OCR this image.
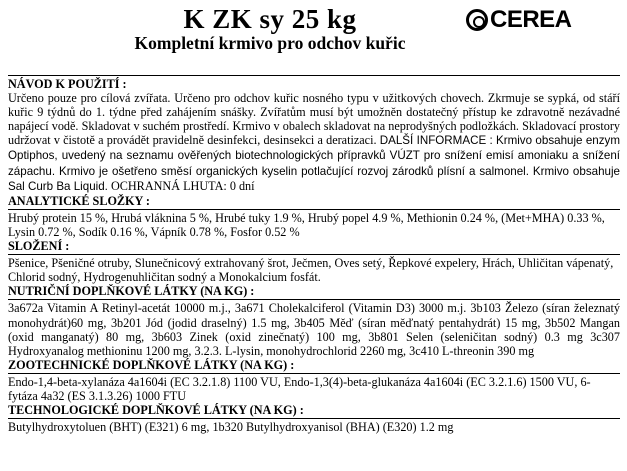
K ZK sy 25 kg
Kompletní krmivo pro odchov kuřic
CEREA

NÁVOD K POUŽITÍ :

Určeno pouze pro cílová zvířata. Určeno pro odchov kuřic nosného typu v užitkových chovech. Zkrmuje se sypká, od stáří kuřic 9 týdnů do 1. týdne před zahájením snášky. Zvířatům musí být umožněn dostatečný přístup ke zdravotně nezávadné napájecí vodě. Skladovat v suchém prostředí. Krmivo v obalech skladovat na neprodyšných podložkách. Skladovací prostory udržovat v čistotě a provádět pravidelně desinfekci, desinsekci a deratizaci. DALŠÍ INFORMACE : Krmivo obsahuje enzym Optiphos, uvedený na seznamu ověřených biotechnologických přípravků VÚZT pro snížení emisí amoniaku a snížení zápachu. Krmivo je ošetřeno směsí organických kyselin potlačující rozvoj zárodků plísní a salmonel. Krmivo obsahuje Sal Curb Ba Liquid. OCHRANNÁ LHUTA: 0 dní

ANALYTICKÉ SLOŽKY :

Hrubý protein 15 %, Hrubá vláknina 5 %, Hrubé tuky 1.9 %, Hrubý popel 4.9 %, Methionin 0.24 %, (Met+MHA) 0.33 %, Lysin 0.72 %, Sodík 0.16 %, Vápník 0.78 %, Fosfor 0.52 %

SLOŽENÍ :

Pšenice, Pšeničné otruby, Slunečnicový extrahovaný šrot, Ječmen, Oves setý, Řepkové expelery, Hrách, Uhličitan vápenatý, Chlorid sodný, Hydrogenuhličitan sodný a Monokalcium fosfát.

NUTRIČNÍ DOPLŇKOVÉ LÁTKY (NA KG) :

3a672a Vitamin A Retinyl-acetát 10000 m.j., 3a671 Cholekalciferol (Vitamin D3) 3000 m.j. 3b103 Železo (síran železnatý monohydrát)60 mg, 3b201 Jód (jodid draselný) 1.5 mg, 3b405 Měď (síran měďnatý pentahydrát) 15 mg, 3b502 Mangan (oxid manganatý) 80 mg, 3b603 Zinek (oxid zinečnatý) 100 mg, 3b801 Selen (seleničitan sodný) 0.3 mg 3c307 Hydroxyanalog methioninu 1200 mg, 3.2.3. L-lysin, monohydrochlorid 2260 mg, 3c410 L-threonin 390 mg

ZOOTECHNICKÉ DOPLŇKOVÉ LÁTKY (NA KG) :

Endo-1,4-beta-xylanáza 4a1604i (EC 3.2.1.8) 1100 VU, Endo-1,3(4)-beta-glukanáza 4a1604i (EC 3.2.1.6) 1500 VU, 6-fytáza 4a32 (ES 3.1.3.26) 1000 FTU

TECHNOLOGICKÉ DOPLŇKOVÉ LÁTKY (NA KG) :

Butylhydroxytoluen (BHT) (E321) 6 mg, 1b320 Butylhydroxyanisol (BHA) (E320) 1.2 mg
